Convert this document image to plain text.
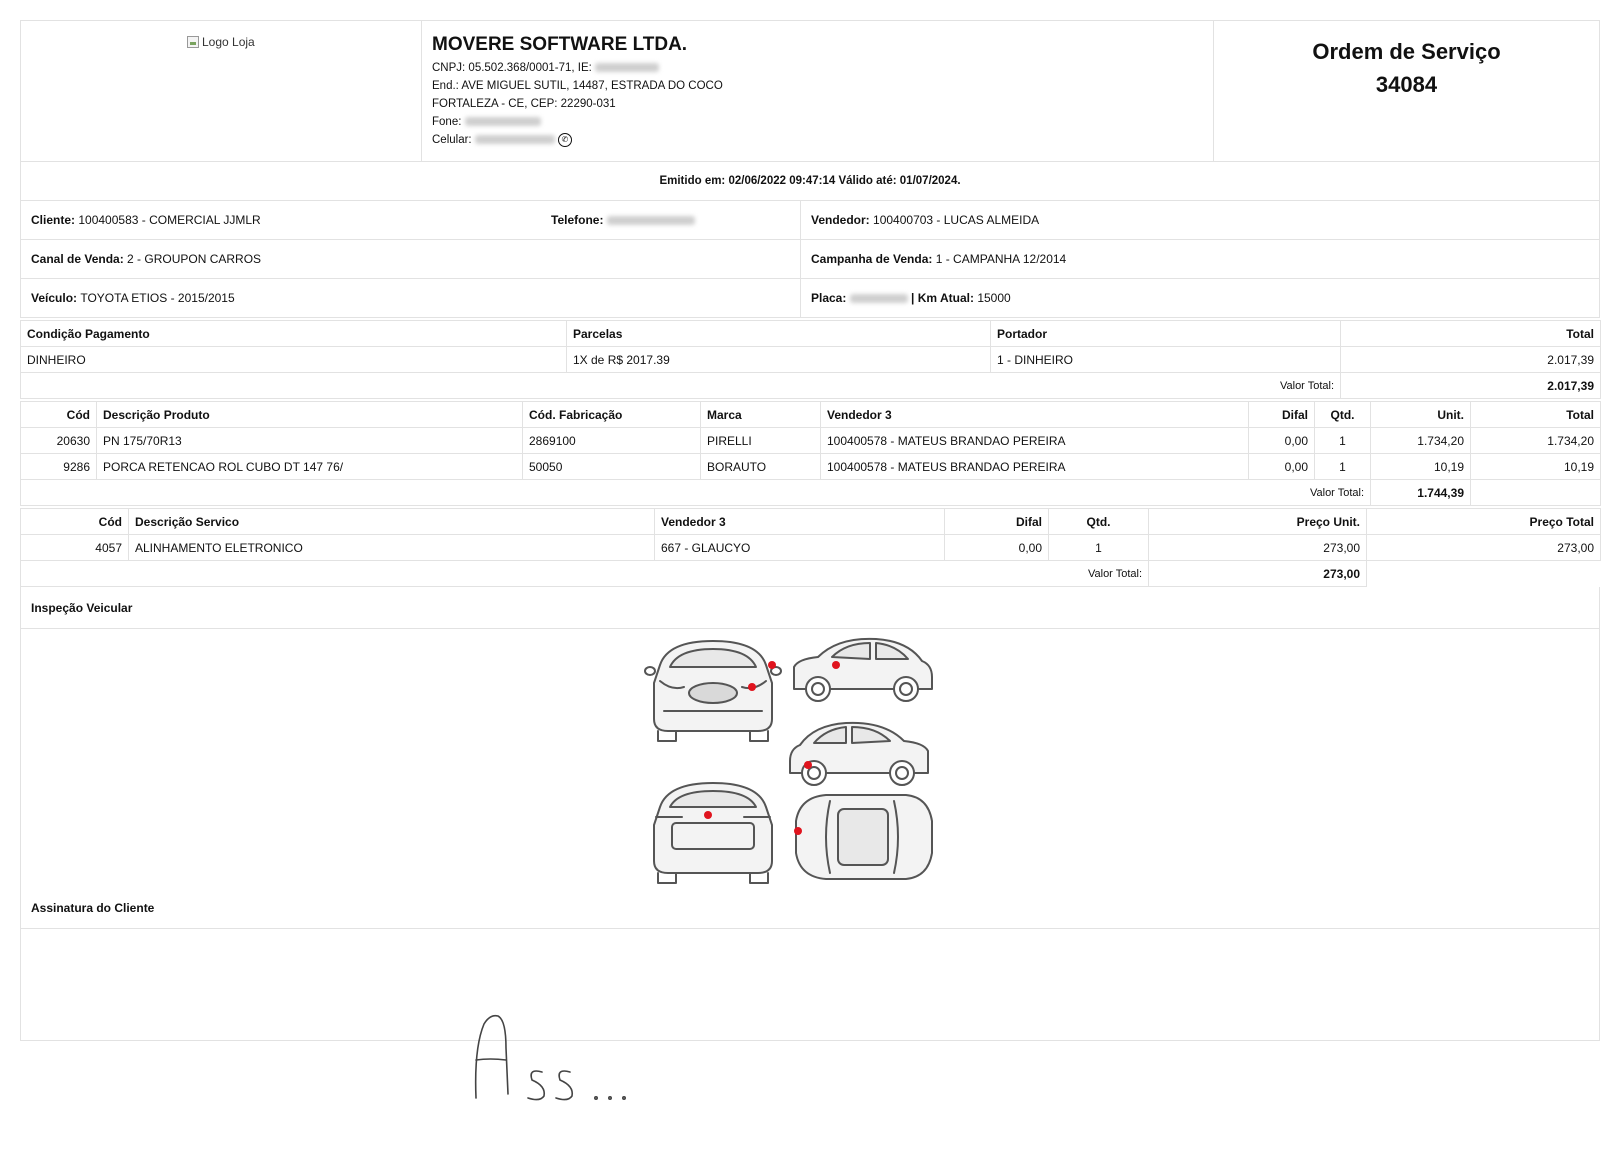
Logo Loja	MOVERE SOFTWARE LTDA.
CNPJ: 05.502.368/0001-71, IE:
End.: AVE MIGUEL SUTIL, 14487, ESTRADA DO COCO
FORTALEZA - CE, CEP: 22290-031
Fone:
Celular:	✆
Ordem de Serviço
34084
Emitido em: 02/06/2022 09:47:14 Válido até: 01/07/2024.
Cliente:
100400583 - COMERCIAL JJMLR	Telefone:
	Vendedor:
100400703 - LUCAS ALMEIDA
Canal de Venda:
2 - GROUPON CARROS	Campanha de Venda:
1 - CAMPANHA 12/2014
Veículo:
TOYOTA ETIOS - 2015/2015	Placa:

	| Km Atual:
15000
Condição Pagamento	Parcelas	Portador	Total
DINHEIRO	1X de R$ 2017.39	1 - DINHEIRO	2.017,39
Valor Total:			2.017,39
Cód	Descrição Produto	Cód. Fabricação	Marca	Vendedor 3	Difal	Qtd.	Unit.	Total
20630	PN 175/70R13	2869100	PIRELLI	100400578 - MATEUS BRANDAO PEREIRA	0,00	1	1.734,20	1.734,20
9286	PORCA RETENCAO ROL CUBO DT 147 76/	50050	BORAUTO	100400578 - MATEUS BRANDAO PEREIRA	0,00	1	10,19	10,19
Valor Total:							1.744,39	
Cód	Descrição Servico	Vendedor 3	Difal	Qtd.	Preço Unit.	Preço Total
4057	ALINHAMENTO ELETRONICO	667 - GLAUCYO	0,00	1	273,00	273,00
Valor Total:					273,00	
Inspeção Veicular
Assinatura do Cliente
